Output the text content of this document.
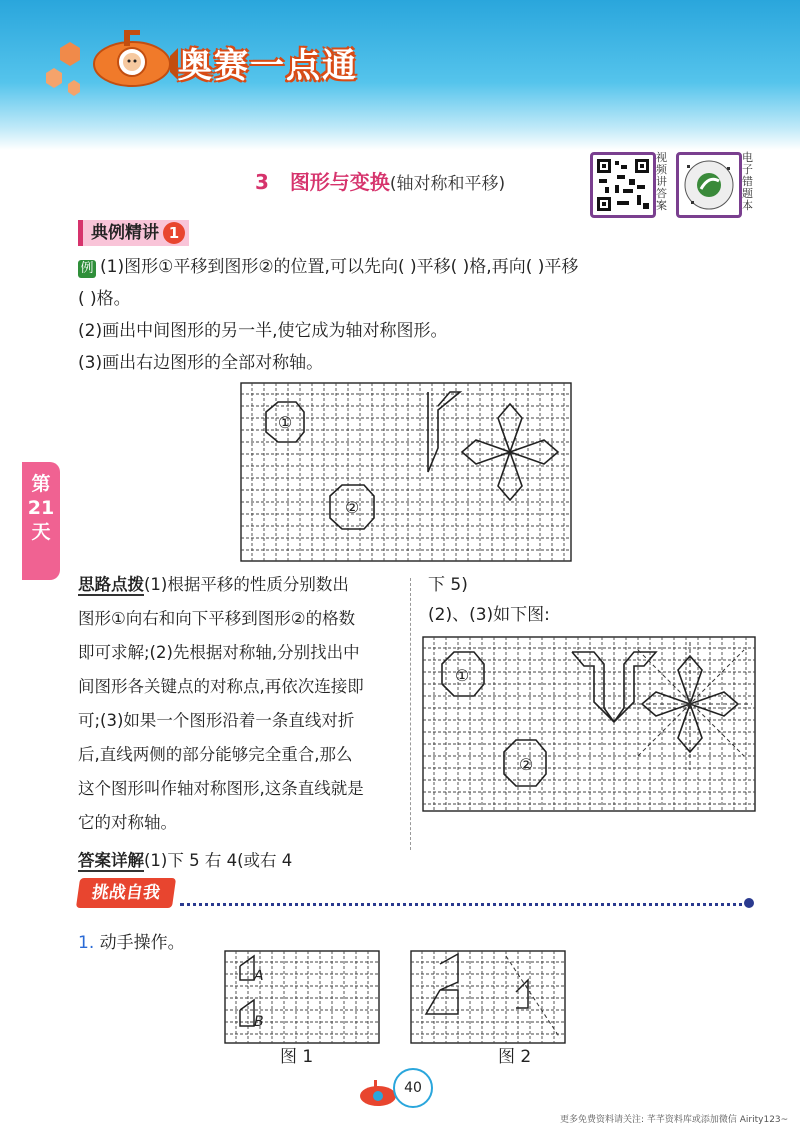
奥赛一点通
3 图形与变换(轴对称和平移)
视频讲答案
电子错题本
典例精讲 1
例 (1)图形①平移到图形②的位置,可以先向( )平移( )格,再向( )平移
( )格。
(2)画出中间图形的另一半,使它成为轴对称图形。
(3)画出右边图形的全部对称轴。
①
②
第
21
天
思路点拨(1)根据平移的性质分别数出
图形①向右和向下平移到图形②的格数
即可求解;(2)先根据对称轴,分别找出中
间图形各关键点的对称点,再依次连接即
可;(3)如果一个图形沿着一条直线对折
后,直线两侧的部分能够完全重合,那么
这个图形叫作轴对称图形,这条直线就是
它的对称轴。
答案详解(1)下 5 右 4(或右 4
下 5)
(2)、(3)如下图:
①
②
挑战自我
1. 动手操作。
A
B
图 1	图 2
40
更多免费资料请关注: 芊芊资料库或添加微信 Airity123~
